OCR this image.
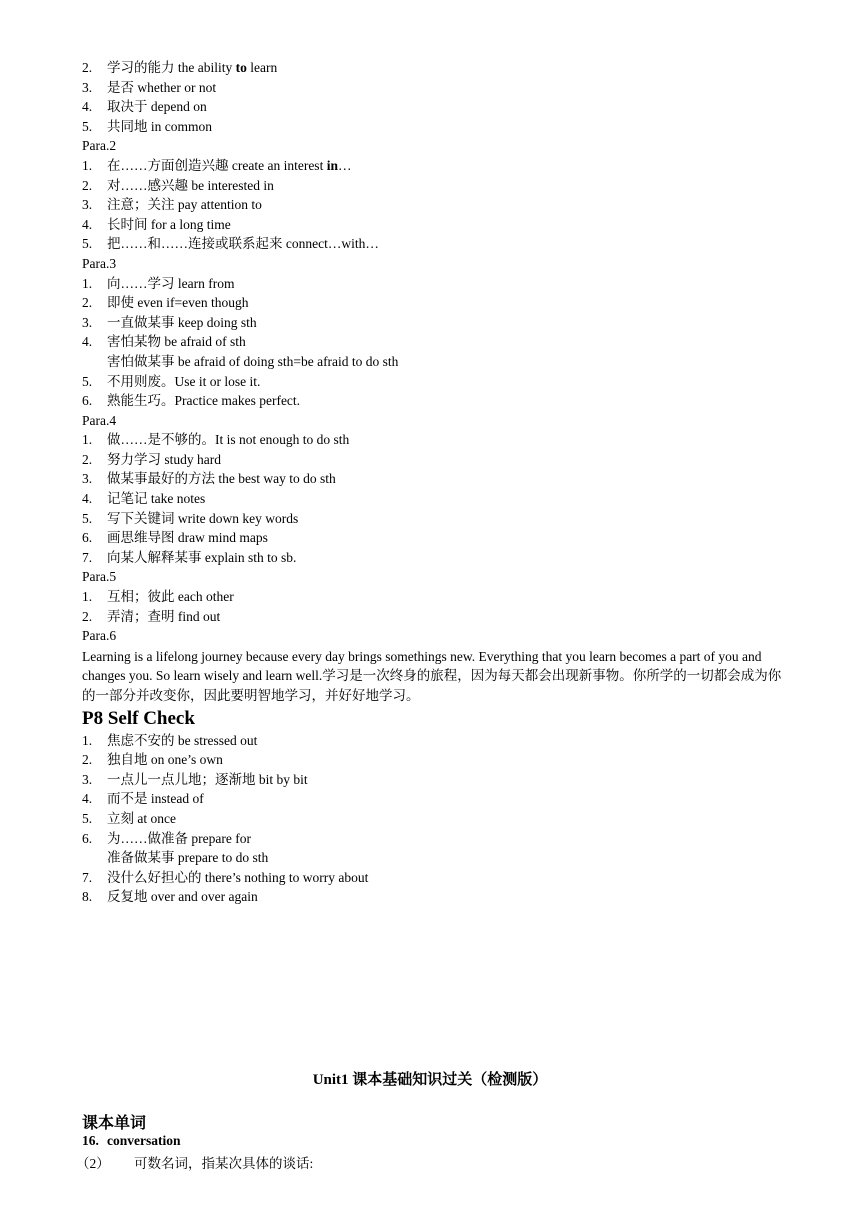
2.	学习的能力 the ability to learn
3.	是否 whether or not
4.	取决于 depend on
5.	共同地 in common
Para.2
1.	在……方面创造兴趣 create an interest in…
2.	对……感兴趣 be interested in
3.	注意；关注 pay attention to
4.	长时间 for a long time
5.	把……和……连接或联系起来 connect…with…
Para.3
1.	向……学习 learn from
2.	即使 even if=even though
3.	一直做某事 keep doing sth
4.	害怕某物 be afraid of sth
害怕做某事 be afraid of doing sth=be afraid to do sth
5.	不用则废。Use it or lose it.
6.	熟能生巧。Practice makes perfect.
Para.4
1.	做……是不够的。It is not enough to do sth
2.	努力学习 study hard
3.	做某事最好的方法 the best way to do sth
4.	记笔记 take notes
5.	写下关键词 write down key words
6.	画思维导图 draw mind maps
7.	向某人解释某事 explain sth to sb.
Para.5
1.	互相；彼此 each other
2.	弄清；查明 find out
Para.6
Learning is a lifelong journey because every day brings somethings new. Everything that you learn becomes a part of you and changes you. So learn wisely and learn well.学习是一次终身的旅程，因为每天都会出现新事物。你所学的一切都会成为你的一部分并改变你，因此要明智地学习，并好好地学习。
P8 Self Check
1.	焦虑不安的 be stressed out
2.	独自地 on one’s own
3.	一点儿一点儿地；逐渐地 bit by bit
4.	而不是 instead of
5.	立刻 at once
6.	为……做准备 prepare for
准备做某事 prepare to do sth
7.	没什么好担心的 there’s nothing to worry about
8.	反复地 over and over again
Unit1 课本基础知识过关（检测版）
课本单词
16. conversation
（2） 可数名词，指某次具体的谈话:
